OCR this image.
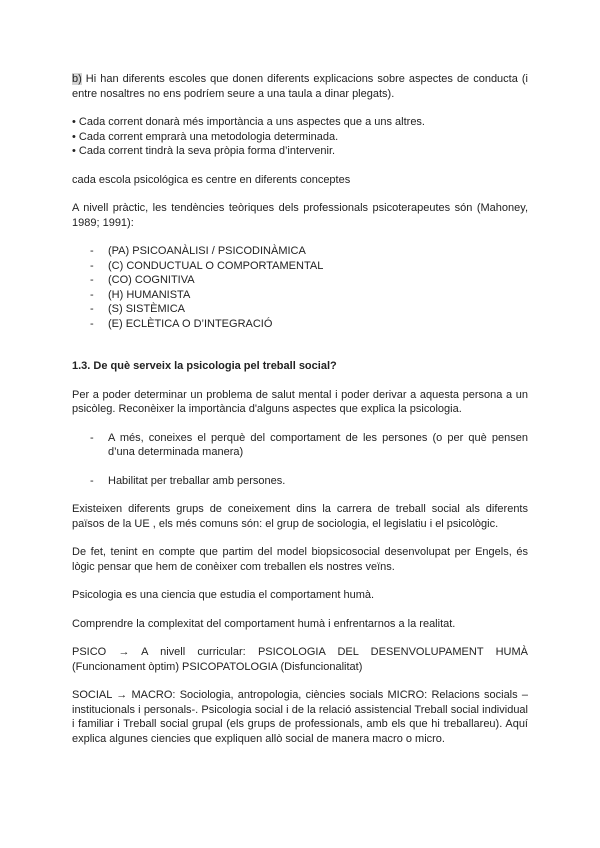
b) Hi han diferents escoles que donen diferents explicacions sobre aspectes de conducta (i entre nosaltres no ens podríem seure a una taula a dinar plegats).

• Cada corrent donarà més importància a uns aspectes que a uns altres.
• Cada corrent emprarà una metodologia determinada.
• Cada corrent tindrà la seva pròpia forma d’intervenir.

cada escola psicológica es centre en diferents conceptes

A nivell pràctic, les tendències teòriques dels professionals psicoterapeutes són (Mahoney, 1989; 1991):

- (PA) PSICOANÀLISI / PSICODINÀMICA
- (C) CONDUCTUAL O COMPORTAMENTAL
- (CO) COGNITIVA
- (H) HUMANISTA
- (S) SISTÈMICA
- (E) ECLÈTICA O D’INTEGRACIÓ
1.3. De què serveix la psicologia pel treball social?

Per a poder determinar un problema de salut mental i poder derivar a aquesta persona a un psicòleg. Reconèixer la importància d'alguns aspectes que explica la psicologia.

- A més, coneixes el perquè del comportament de les persones (o per què pensen d’una determinada manera)
- Habilitat per treballar amb persones.

Existeixen diferents grups de coneixement dins la carrera de treball social als diferents països de la UE , els més comuns són: el grup de sociologia, el legislatiu i el psicològic.

De fet, tenint en compte que partim del model biopsicosocial desenvolupat per Engels, és lògic pensar que hem de conèixer com treballen els nostres veïns.

Psicologia es una ciencia que estudia el comportament humà.

Comprendre la complexitat del comportament humà i enfrentarnos a la realitat.

PSICO → A nivell curricular: PSICOLOGIA DEL DESENVOLUPAMENT HUMÀ (Funcionament òptim) PSICOPATOLOGIA (Disfuncionalitat)

SOCIAL → MACRO: Sociologia, antropologia, ciències socials MICRO: Relacions socials –institucionals i personals-. Psicologia social i de la relació assistencial Treball social individual i familiar i Treball social grupal (els grups de professionals, amb els que hi treballareu). Aquí explica algunes ciencies que expliquen allò social de manera macro o micro.
